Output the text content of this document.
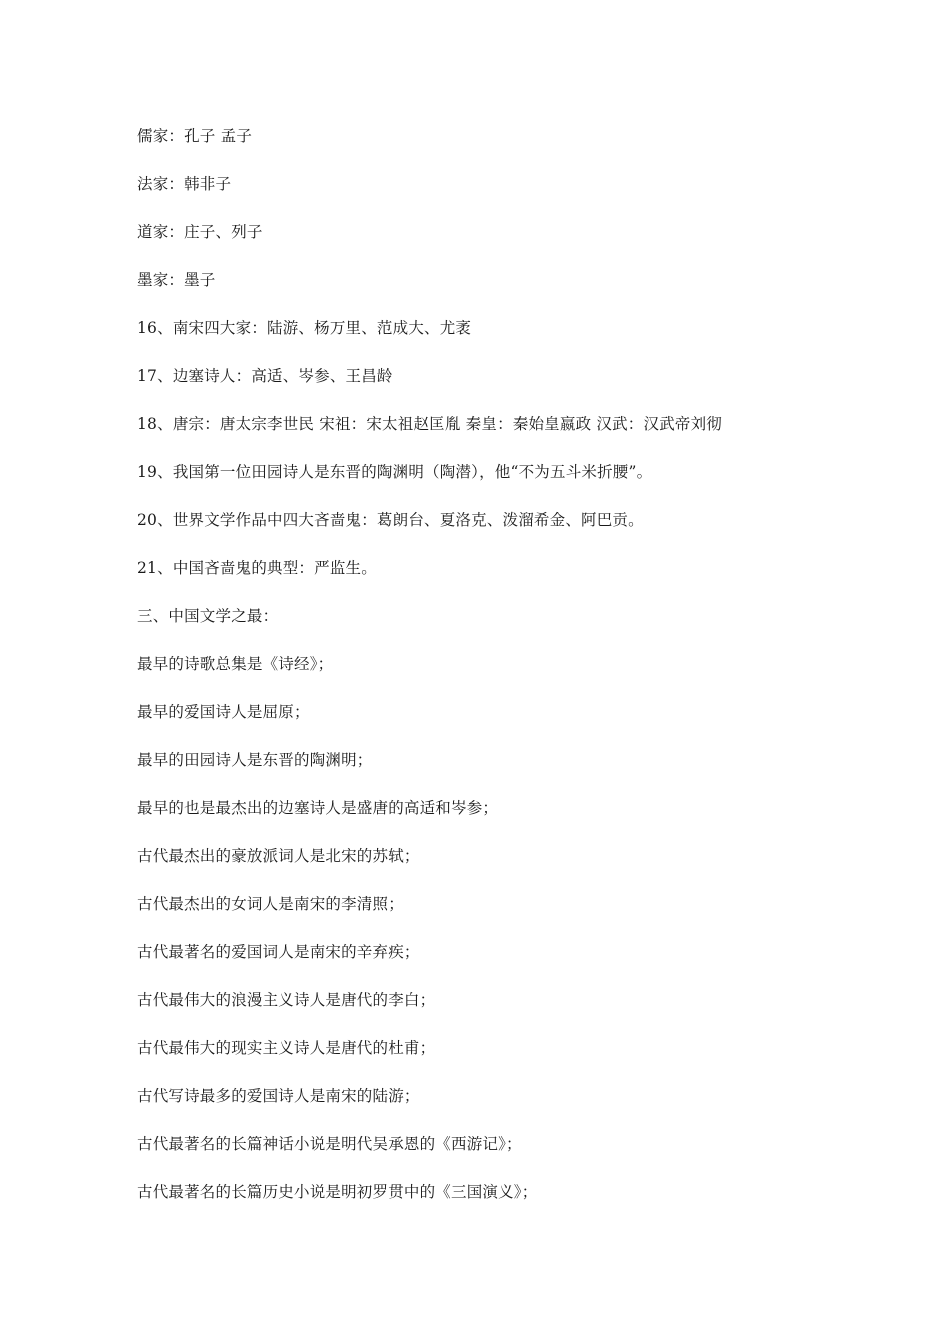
儒家：孔子 孟子
法家：韩非子
道家：庄子、列子
墨家：墨子
16、南宋四大家：陆游、杨万里、范成大、尤袤
17、边塞诗人：高适、岑参、王昌龄
18、唐宗：唐太宗李世民 宋祖：宋太祖赵匡胤 秦皇：秦始皇嬴政 汉武：汉武帝刘彻
19、我国第一位田园诗人是东晋的陶渊明（陶潜），他“不为五斗米折腰”。
20、世界文学作品中四大吝啬鬼：葛朗台、夏洛克、泼溜希金、阿巴贡。
21、中国吝啬鬼的典型：严监生。
三、中国文学之最：
最早的诗歌总集是《诗经》；
最早的爱国诗人是屈原；
最早的田园诗人是东晋的陶渊明；
最早的也是最杰出的边塞诗人是盛唐的高适和岑参；
古代最杰出的豪放派词人是北宋的苏轼；
古代最杰出的女词人是南宋的李清照；
古代最著名的爱国词人是南宋的辛弃疾；
古代最伟大的浪漫主义诗人是唐代的李白；
古代最伟大的现实主义诗人是唐代的杜甫；
古代写诗最多的爱国诗人是南宋的陆游；
古代最著名的长篇神话小说是明代吴承恩的《西游记》；
古代最著名的长篇历史小说是明初罗贯中的《三国演义》；
